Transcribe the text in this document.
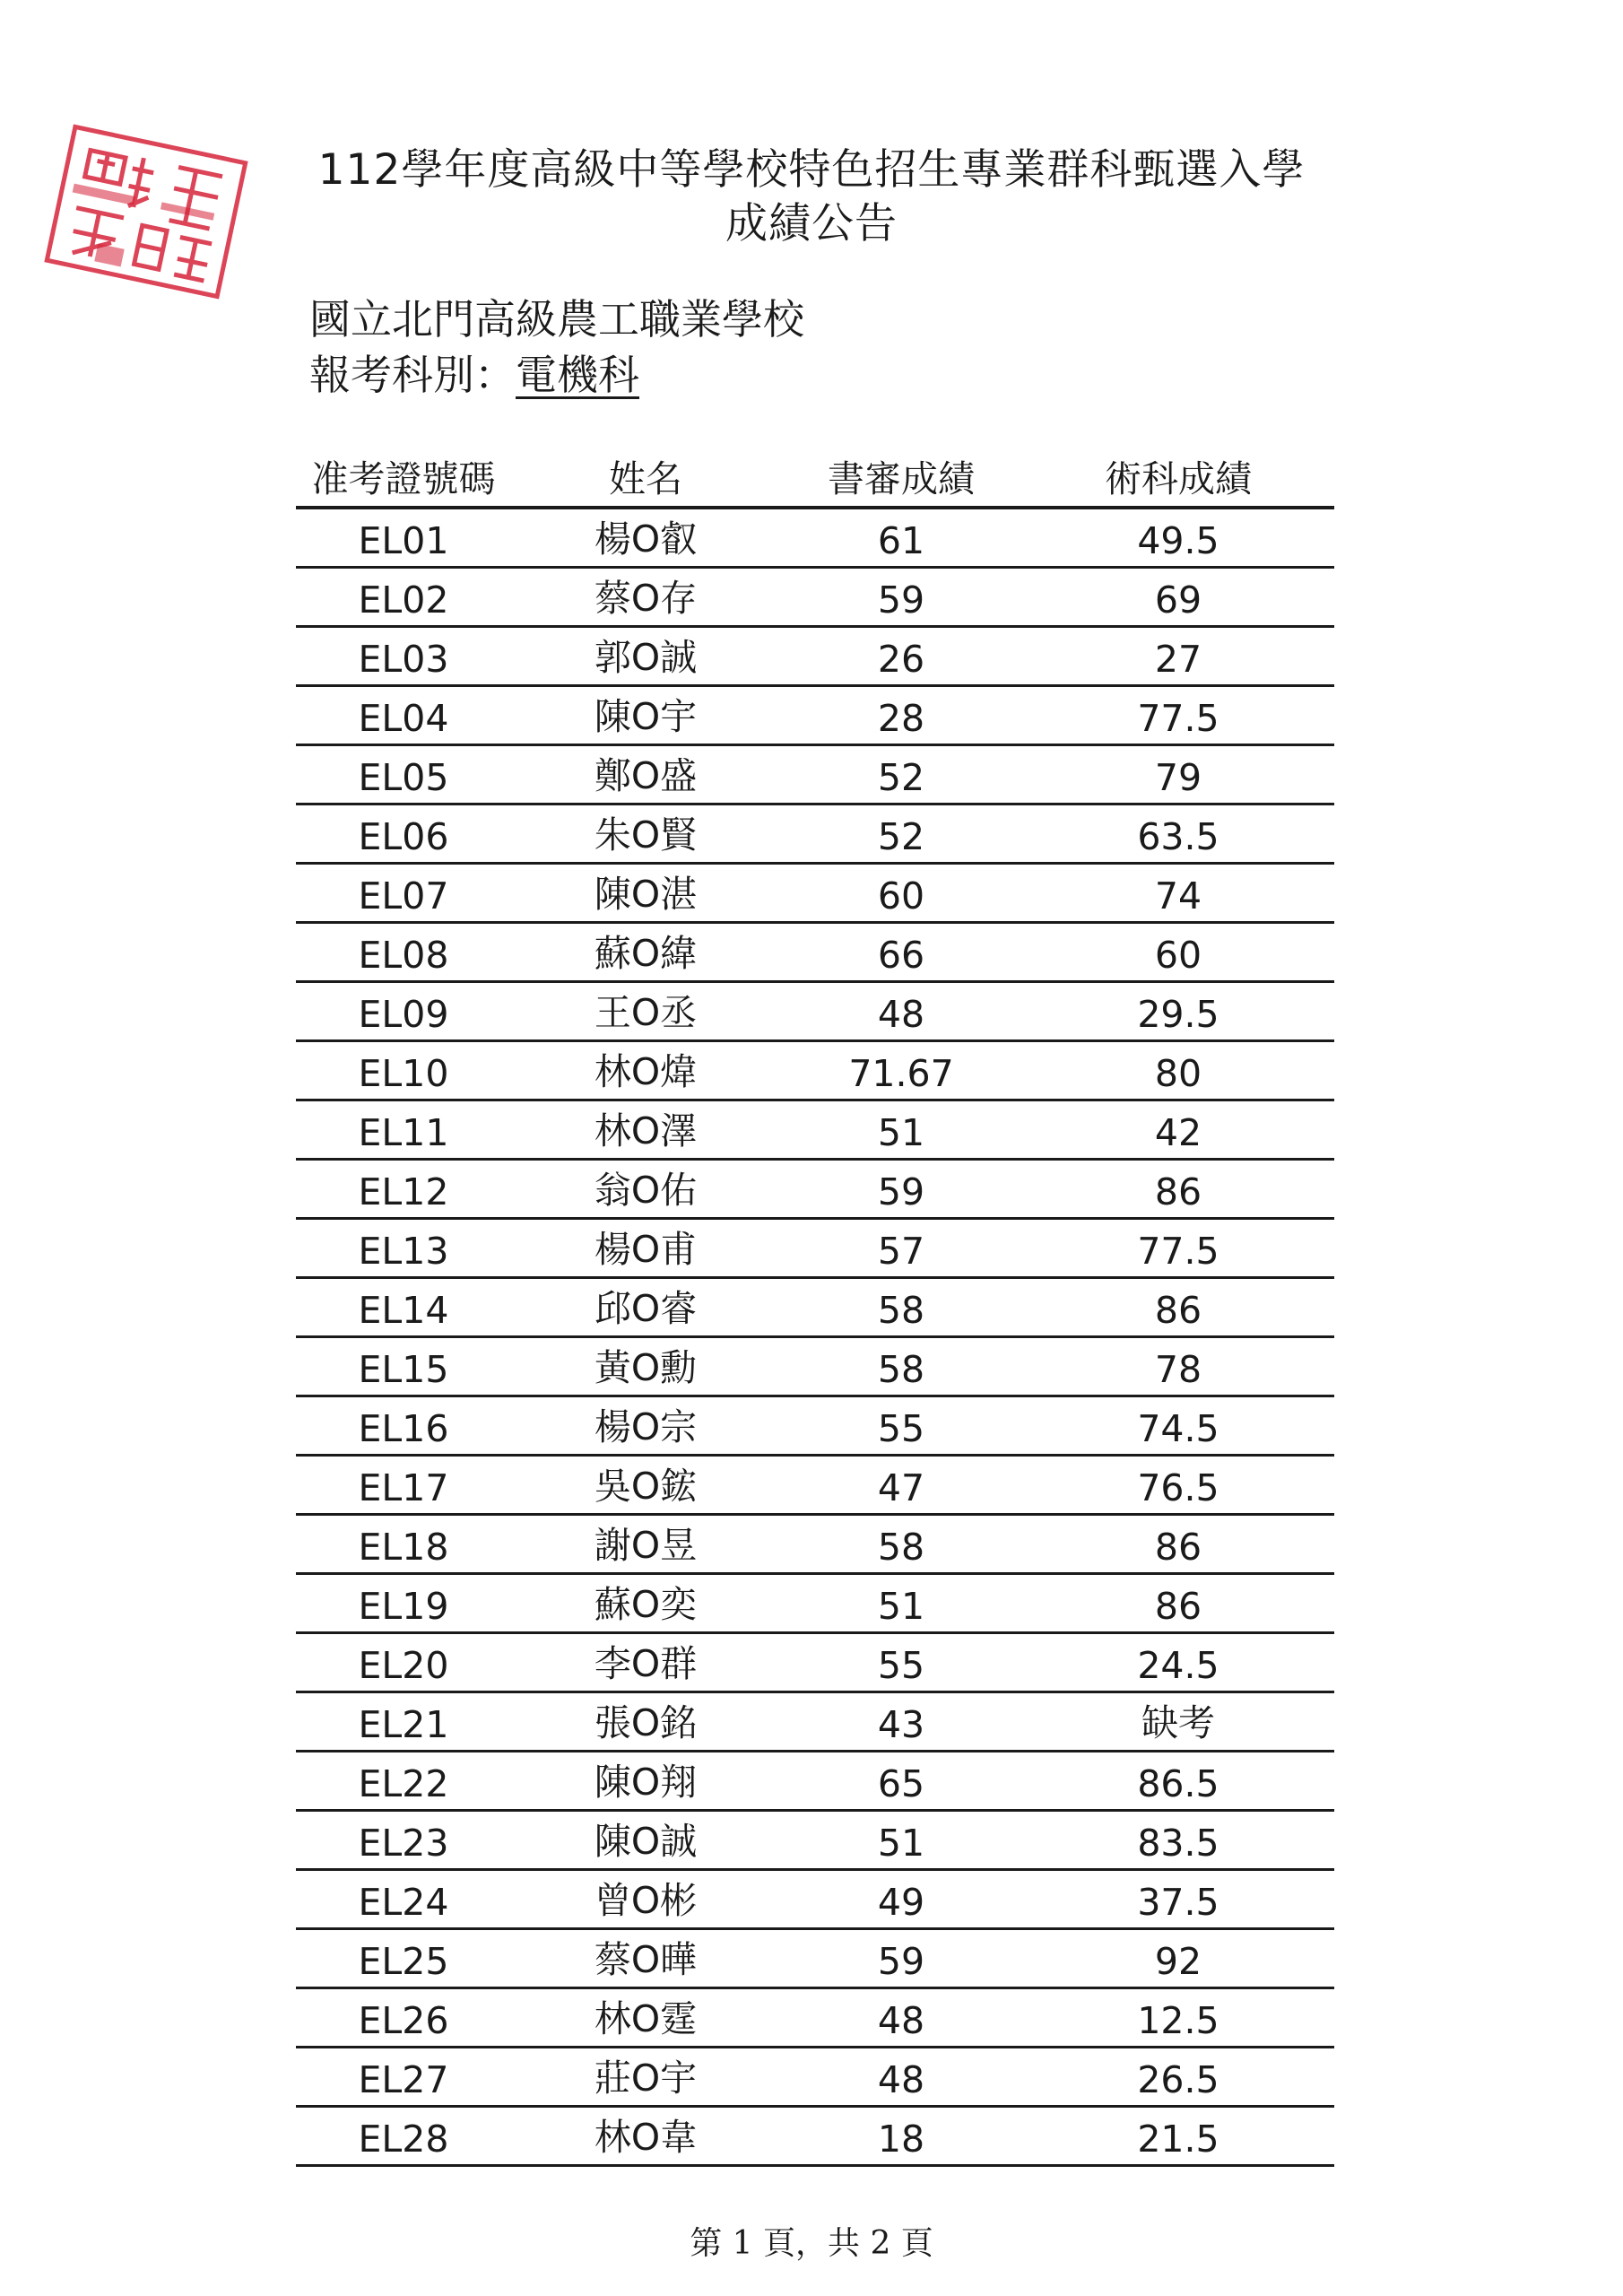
112學年度高級中等學校特色招生專業群科甄選入學
成績公告
國立北門高級農工職業學校
報考科別：電機科
准考證號碼	姓名	書審成績	術科成績
EL01	楊O叡	61	49.5
EL02	蔡O存	59	69
EL03	郭O誠	26	27
EL04	陳O宇	28	77.5
EL05	鄭O盛	52	79
EL06	朱O賢	52	63.5
EL07	陳O湛	60	74
EL08	蘇O緯	66	60
EL09	王O丞	48	29.5
EL10	林O煒	71.67	80
EL11	林O澤	51	42
EL12	翁O佑	59	86
EL13	楊O甫	57	77.5
EL14	邱O睿	58	86
EL15	黃O勳	58	78
EL16	楊O宗	55	74.5
EL17	吳O鋐	47	76.5
EL18	謝O昱	58	86
EL19	蘇O奕	51	86
EL20	李O群	55	24.5
EL21	張O銘	43	缺考
EL22	陳O翔	65	86.5
EL23	陳O誠	51	83.5
EL24	曾O彬	49	37.5
EL25	蔡O曄	59	92
EL26	林O霆	48	12.5
EL27	莊O宇	48	26.5
EL28	林O韋	18	21.5
第 1 頁，共 2 頁
